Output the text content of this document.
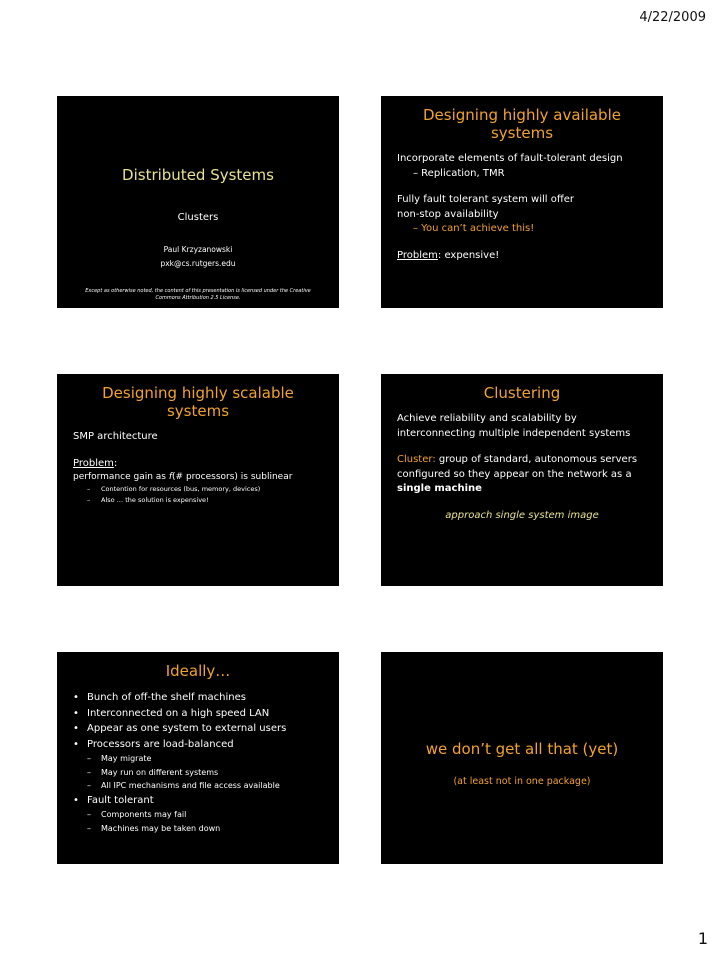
4/22/2009
Distributed Systems
Clusters
Paul Krzyzanowski
pxk@cs.rutgers.edu
Except as otherwise noted, the content of this presentation is licensed under the Creative Commons Attribution 2.5 License.
Designing highly available systems
Incorporate elements of fault-tolerant design
– Replication, TMR
Fully fault tolerant system will offer
non-stop availability
– You can’t achieve this!
Problem: expensive!
Designing highly scalable systems
SMP architecture
Problem:
performance gain as f(# processors) is sublinear
– Contention for resources (bus, memory, devices)
– Also … the solution is expensive!
Clustering
Achieve reliability and scalability by
interconnecting multiple independent systems
Cluster: group of standard, autonomous servers
configured so they appear on the network as a
single machine
approach single system image
Ideally…
• Bunch of off-the shelf machines
• Interconnected on a high speed LAN
• Appear as one system to external users
• Processors are load-balanced
– May migrate
– May run on different systems
– All IPC mechanisms and file access available
• Fault tolerant
– Components may fail
– Machines may be taken down
we don’t get all that (yet)
(at least not in one package)
1
